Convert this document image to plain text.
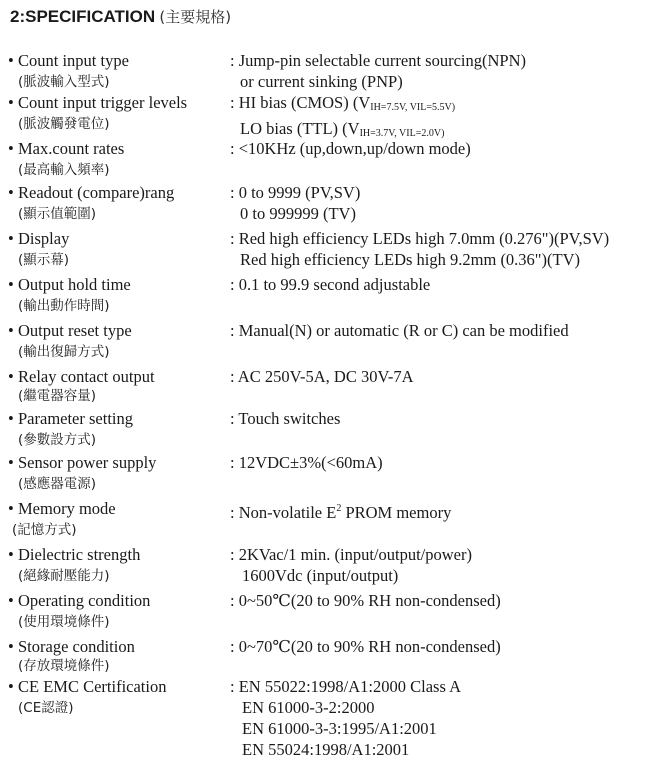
2:SPECIFICATION (主要規格)
• Count input type
(脈波輸入型式)
: Jump-pin selectable current sourcing(NPN)
or current sinking (PNP)
• Count input trigger levels
(脈波觸發電位)
: HI bias (CMOS) ($V_{IH=7.5V, VIL=5.5V)}$
LO bias (TTL) ($V_{IH=3.7V, VIL=2.0V)}$
• Max.count rates
(最高輸入頻率)
: <10KHz (up,down,up/down mode)
• Readout (compare)rang
(顯示值範圍)
: 0 to 9999 (PV,SV)
0 to 999999 (TV)
• Display
(顯示幕)
: Red high efficiency LEDs high 7.0mm (0.276")(PV,SV)
Red high efficiency LEDs high 9.2mm (0.36")(TV)
• Output hold time
(輸出動作時間)
: 0.1 to 99.9 second adjustable
• Output reset type
(輸出復歸方式)
: Manual(N) or automatic (R or C) can be modified
• Relay contact output
(繼電器容量)
: AC 250V-5A, DC 30V-7A
• Parameter setting
(參數設方式)
: Touch switches
• Sensor power supply
(感應器電源)
: 12VDC±3%(<60mA)
• Memory mode
(記憶方式)
: Non-volatile $E^2$ PROM memory
• Dielectric strength
(絕緣耐壓能力)
: 2KVac/1 min. (input/output/power)
1600Vdc (input/output)
• Operating condition
(使用環境條件)
: 0~50℃(20 to 90% RH non-condensed)
• Storage condition
(存放環境條件)
: 0~70℃(20 to 90% RH non-condensed)
• CE EMC Certification
(CE認證)
: EN 55022:1998/A1:2000 Class A
EN 61000-3-2:2000
EN 61000-3-3:1995/A1:2001
EN 55024:1998/A1:2001
